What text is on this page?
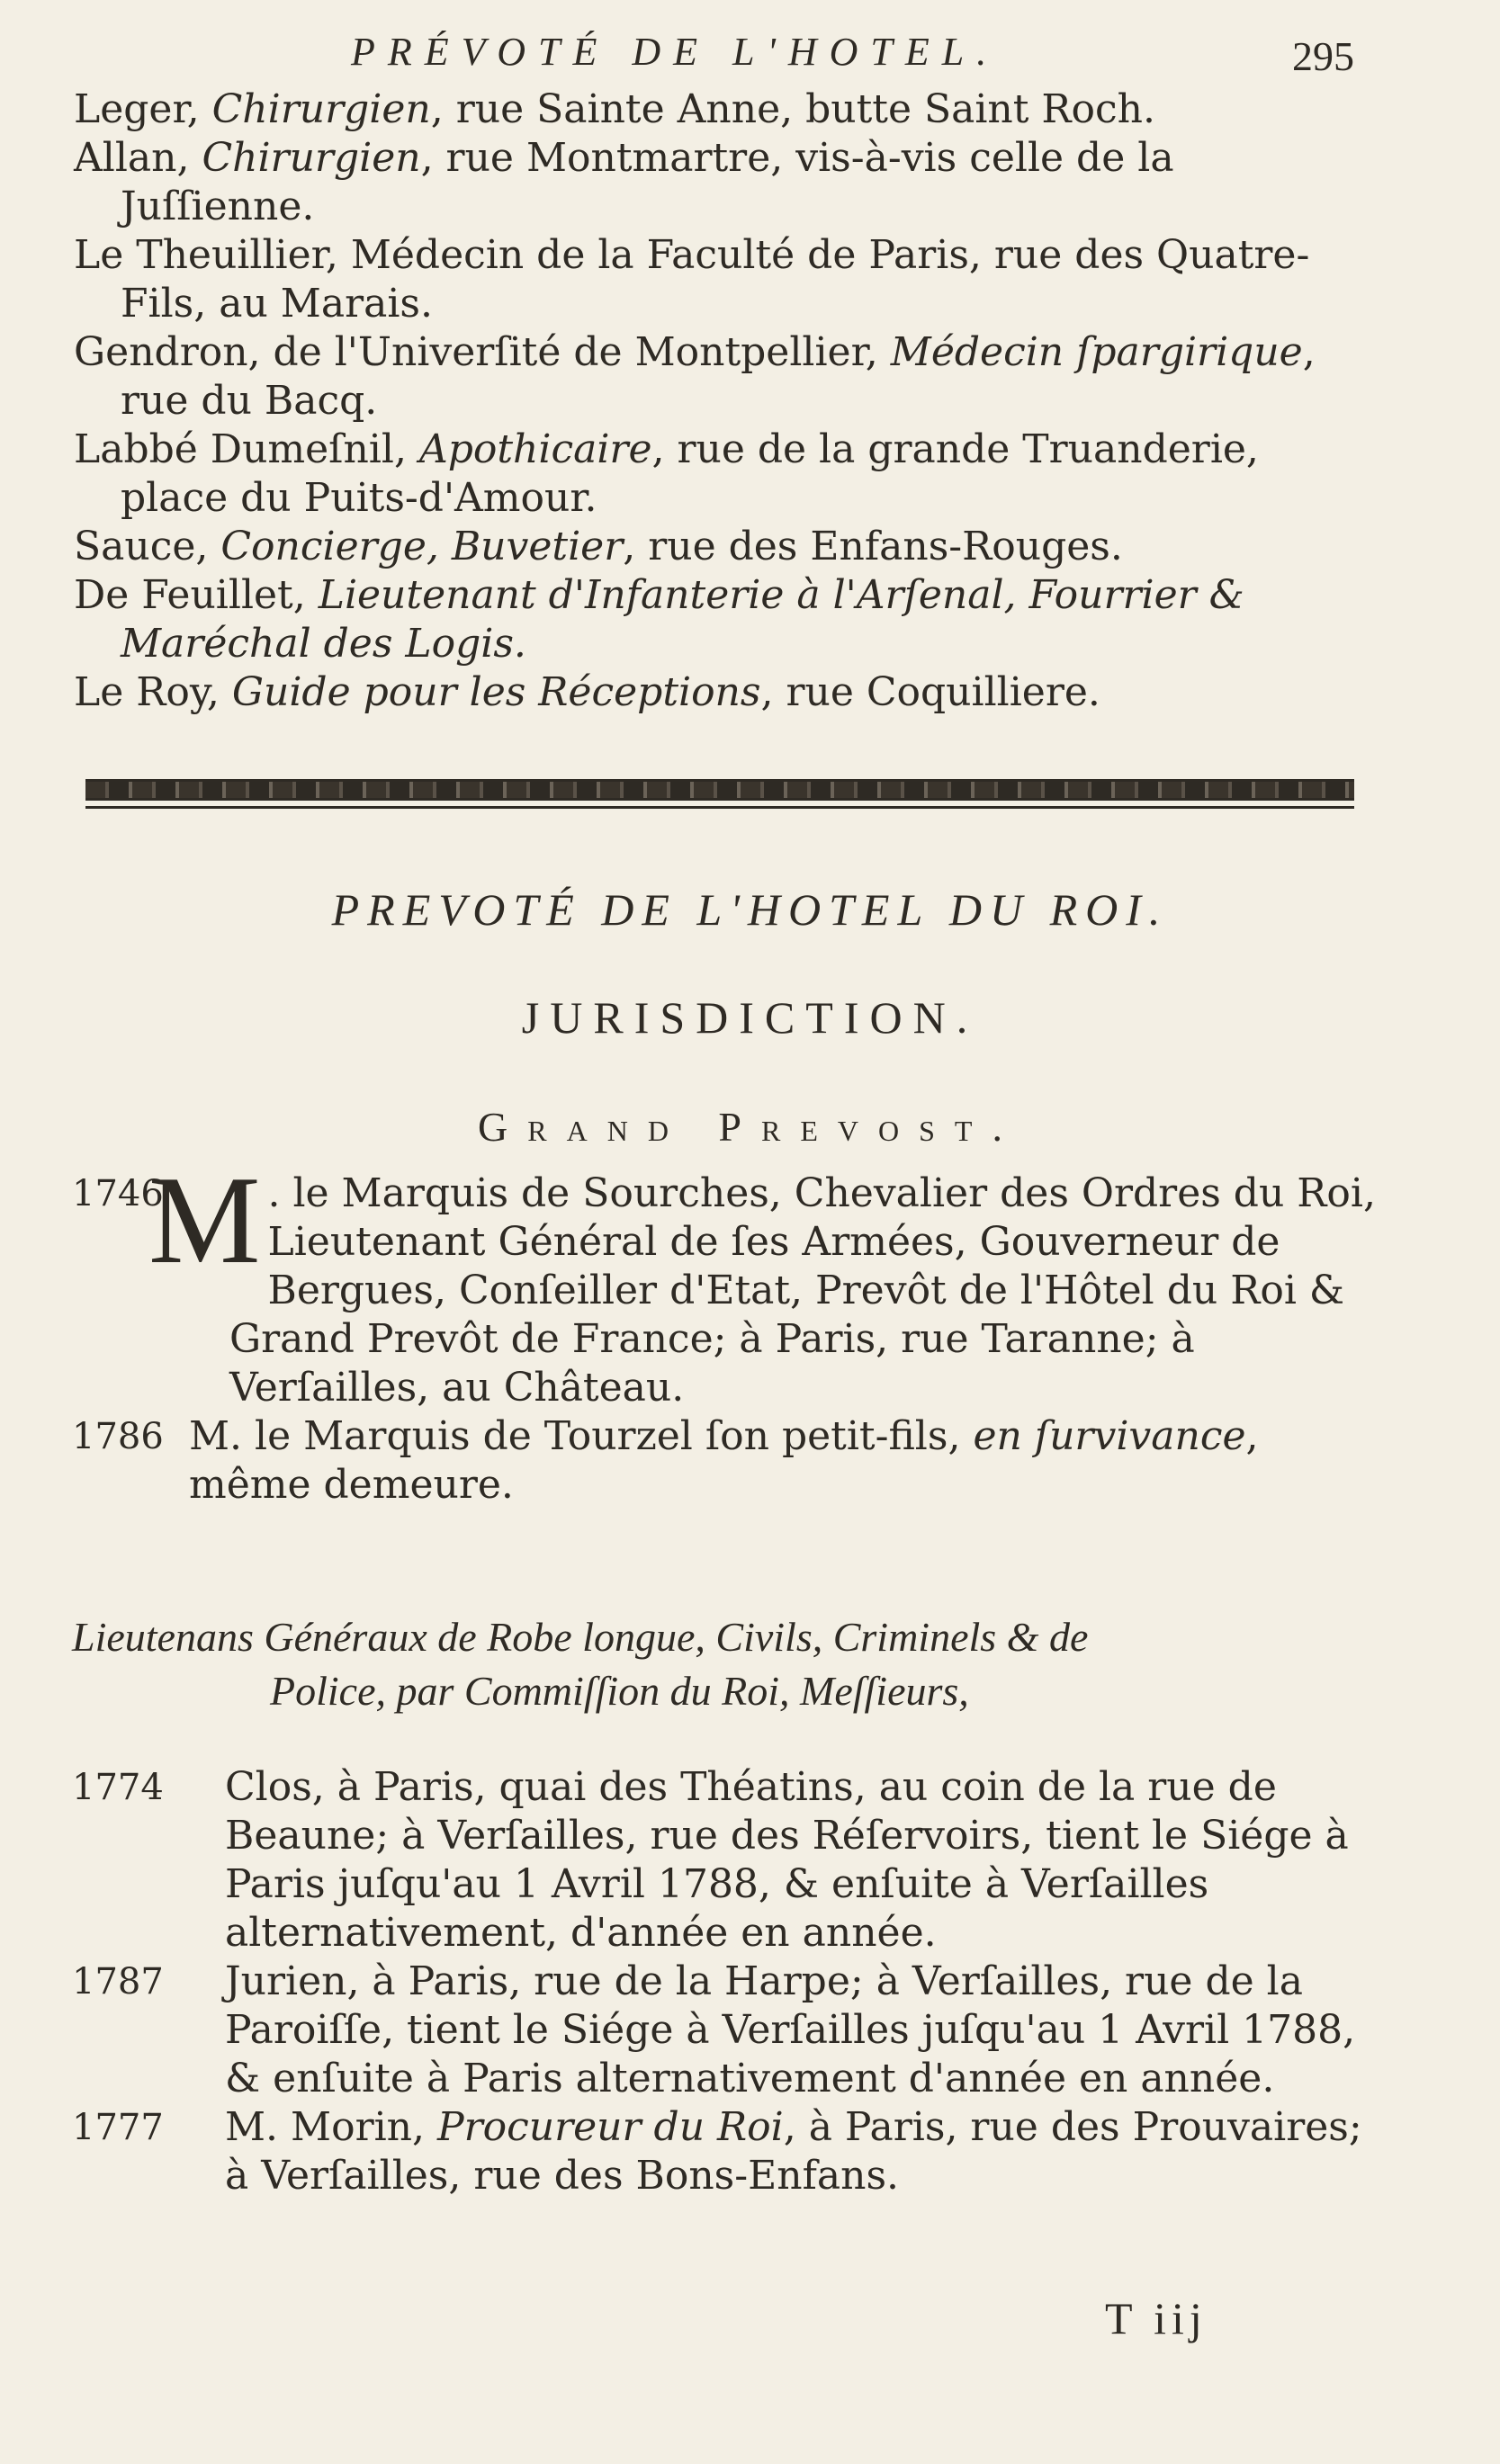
PRÉVOTÉ DE L'HOTEL.	295

Leger, Chirurgien, rue Sainte Anne, butte Saint Roch.

Allan, Chirurgien, rue Montmartre, vis-à-vis celle de la Juſſienne.

Le Theuillier, Médecin de la Faculté de Paris, rue des Quatre-Fils, au Marais.

Gendron, de l'Univerſité de Montpellier, Médecin ſpargirique, rue du Bacq.

Labbé Dumeſnil, Apothicaire, rue de la grande Truanderie, place du Puits-d'Amour.

Sauce, Concierge, Buvetier, rue des Enfans-Rouges.

De Feuillet, Lieutenant d'Infanterie à l'Arſenal, Fourrier & Maréchal des Logis.

Le Roy, Guide pour les Réceptions, rue Coquilliere.

PREVOTÉ DE L'HOTEL DU ROI.
JURISDICTION.
Grand Prevost.

1746
M . le Marquis de Sourches, Chevalier des Ordres du Roi, Lieutenant Général de ſes Armées, Gouverneur de Bergues, Conſeiller d'Etat, Prevôt de l'Hôtel du Roi & Grand Prevôt de France; à Paris, rue Taranne; à Verſailles, au Château.

1786 M. le Marquis de Tourzel ſon petit-fils, en ſurvivance, même demeure.

Lieutenans Généraux de Robe longue, Civils, Criminels & de
Police, par Commiſſion du Roi, Meſſieurs,

1774	Clos, à Paris, quai des Théatins, au coin de la rue de Beaune; à Verſailles, rue des Réſervoirs, tient le Siége à Paris juſqu'au 1 Avril 1788, & enſuite à Verſailles alternativement, d'année en année.

1787	Jurien, à Paris, rue de la Harpe; à Verſailles, rue de la Paroiſſe, tient le Siége à Verſailles juſqu'au 1 Avril 1788, & enſuite à Paris alternativement d'année en année.

1777	M. Morin, Procureur du Roi, à Paris, rue des Prouvaires; à Verſailles, rue des Bons-Enfans.

T iij
